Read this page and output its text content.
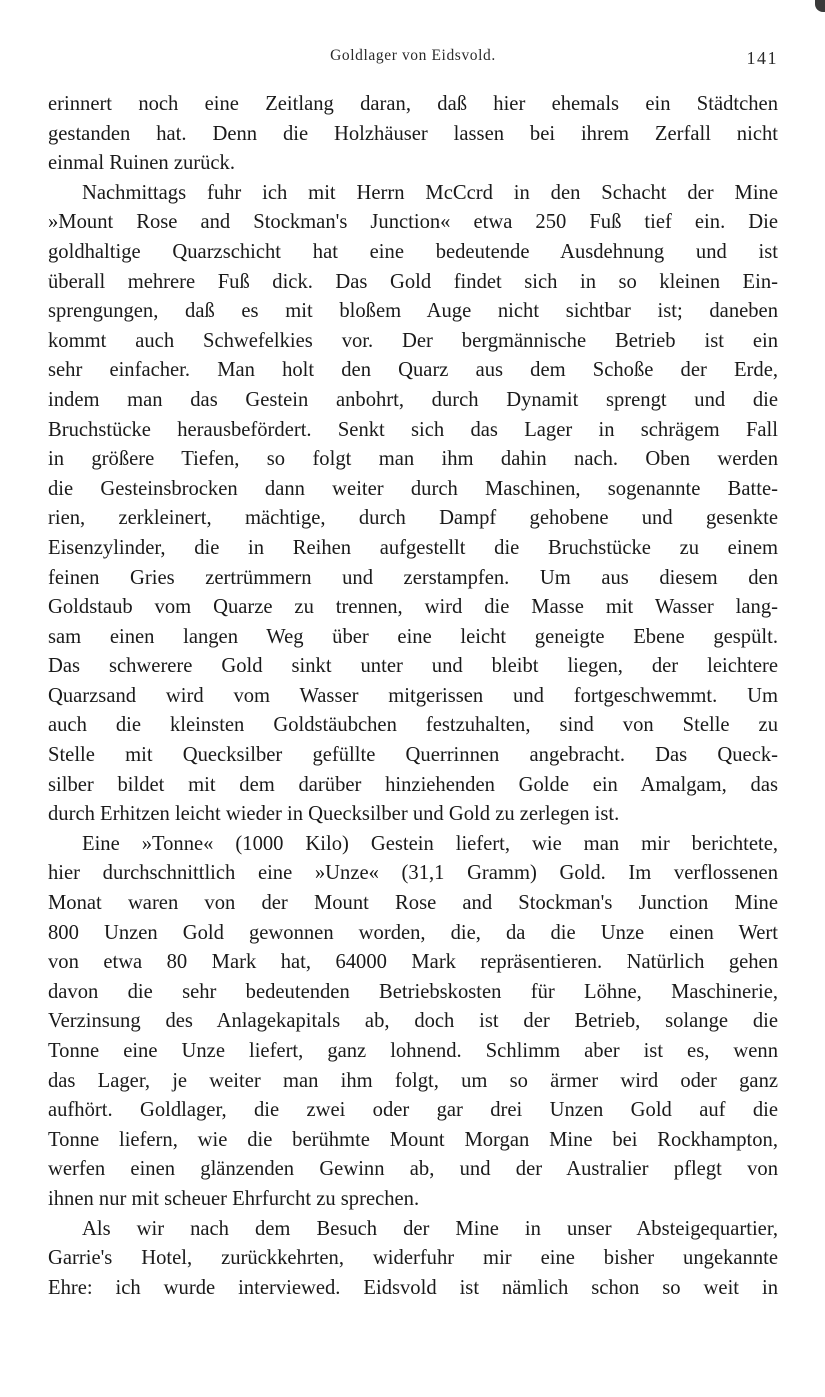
Goldlager von Eidsvold.	141
erinnert noch eine Zeitlang daran, daß hier ehemals ein Städtchen
gestanden hat. Denn die Holzhäuser lassen bei ihrem Zerfall nicht
einmal Ruinen zurück.
Nachmittags fuhr ich mit Herrn McCcrd in den Schacht der Mine
»Mount Rose and Stockman's Junction« etwa 250 Fuß tief ein. Die
goldhaltige Quarzschicht hat eine bedeutende Ausdehnung und ist
überall mehrere Fuß dick. Das Gold findet sich in so kleinen Ein-
sprengungen, daß es mit bloßem Auge nicht sichtbar ist; daneben
kommt auch Schwefelkies vor. Der bergmännische Betrieb ist ein
sehr einfacher. Man holt den Quarz aus dem Schoße der Erde,
indem man das Gestein anbohrt, durch Dynamit sprengt und die
Bruchstücke herausbefördert. Senkt sich das Lager in schrägem Fall
in größere Tiefen, so folgt man ihm dahin nach. Oben werden
die Gesteinsbrocken dann weiter durch Maschinen, sogenannte Batte-
rien, zerkleinert, mächtige, durch Dampf gehobene und gesenkte
Eisenzylinder, die in Reihen aufgestellt die Bruchstücke zu einem
feinen Gries zertrümmern und zerstampfen. Um aus diesem den
Goldstaub vom Quarze zu trennen, wird die Masse mit Wasser lang-
sam einen langen Weg über eine leicht geneigte Ebene gespült.
Das schwerere Gold sinkt unter und bleibt liegen, der leichtere
Quarzsand wird vom Wasser mitgerissen und fortgeschwemmt. Um
auch die kleinsten Goldstäubchen festzuhalten, sind von Stelle zu
Stelle mit Quecksilber gefüllte Querrinnen angebracht. Das Queck-
silber bildet mit dem darüber hinziehenden Golde ein Amalgam, das
durch Erhitzen leicht wieder in Quecksilber und Gold zu zerlegen ist.
Eine »Tonne« (1000 Kilo) Gestein liefert, wie man mir berichtete,
hier durchschnittlich eine »Unze« (31,1 Gramm) Gold. Im verflossenen
Monat waren von der Mount Rose and Stockman's Junction Mine
800 Unzen Gold gewonnen worden, die, da die Unze einen Wert
von etwa 80 Mark hat, 64000 Mark repräsentieren. Natürlich gehen
davon die sehr bedeutenden Betriebskosten für Löhne, Maschinerie,
Verzinsung des Anlagekapitals ab, doch ist der Betrieb, solange die
Tonne eine Unze liefert, ganz lohnend. Schlimm aber ist es, wenn
das Lager, je weiter man ihm folgt, um so ärmer wird oder ganz
aufhört. Goldlager, die zwei oder gar drei Unzen Gold auf die
Tonne liefern, wie die berühmte Mount Morgan Mine bei Rockhampton,
werfen einen glänzenden Gewinn ab, und der Australier pflegt von
ihnen nur mit scheuer Ehrfurcht zu sprechen.
Als wir nach dem Besuch der Mine in unser Absteigequartier,
Garrie's Hotel, zurückkehrten, widerfuhr mir eine bisher ungekannte
Ehre: ich wurde interviewed. Eidsvold ist nämlich schon so weit in
